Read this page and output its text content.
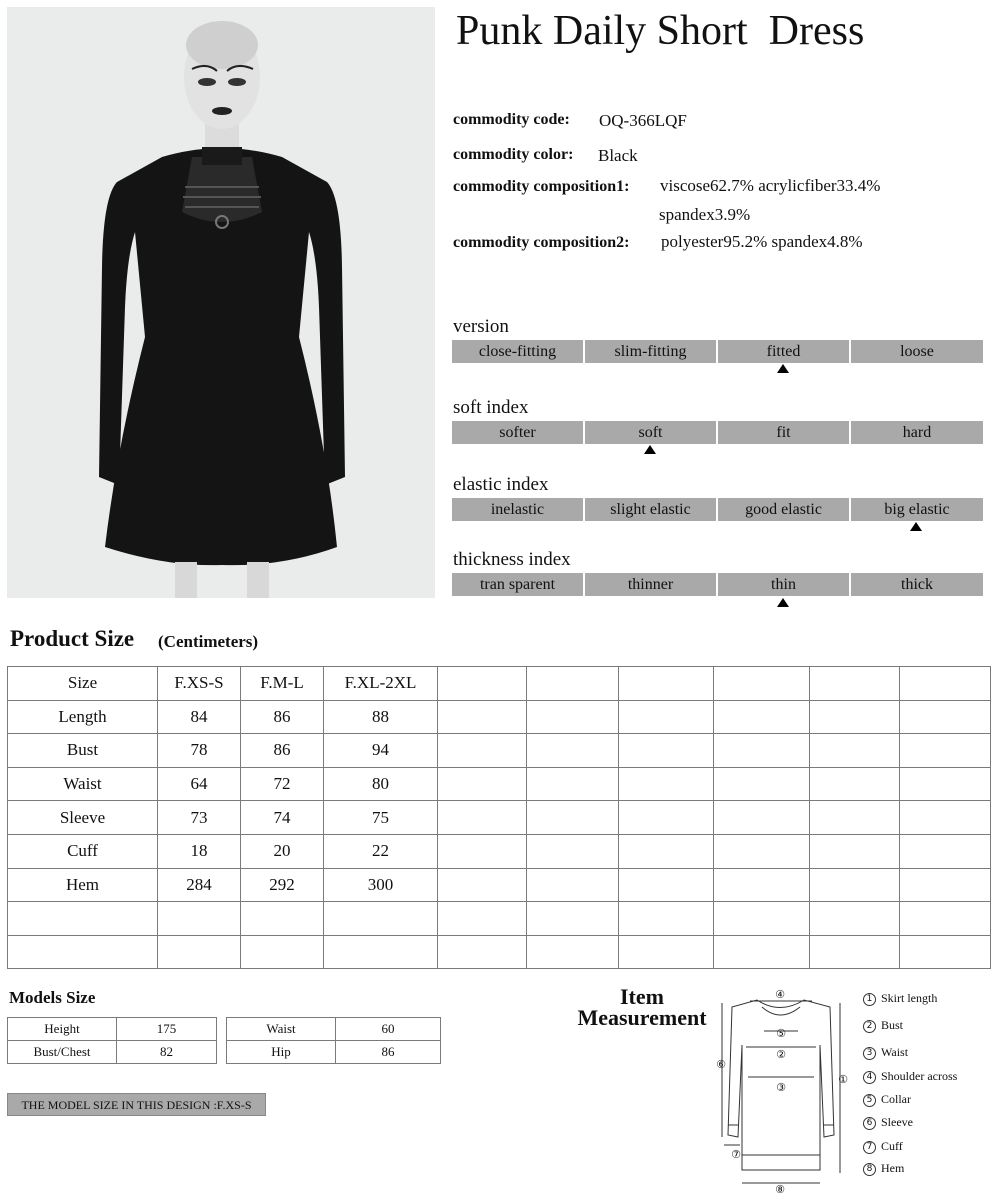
Punk Daily Short  Dress
commodity code: OQ-366LQF
commodity color: Black
commodity composition1: viscose62.7% acrylicfiber33.4%
spandex3.9%
commodity composition2: polyester95.2% spandex4.8%
version
close-fitting	slim-fitting	fitted	loose
soft index
softer	soft	fit	hard
elastic index
inelastic	slight elastic	good elastic	big elastic
thickness index
tran sparent	thinner	thin	thick
Product Size (Centimeters)
Size	F.XS-S	F.M-L	F.XL-2XL						
Length	84	86	88						
Bust	78	86	94						
Waist	64	72	80						
Sleeve	73	74	75						
Cuff	18	20	22						
Hem	284	292	300						

Models Size
Height	175
Bust/Chest	82
Waist	60
Hip	86
THE MODEL SIZE IN THIS DESIGN :F.XS-S
Item
Measurement
④
⑤
②
③
⑥
①
⑦
⑧
1 Skirt length
2 Bust
3 Waist
4 Shoulder across
5 Collar
6 Sleeve
7 Cuff
8 Hem
